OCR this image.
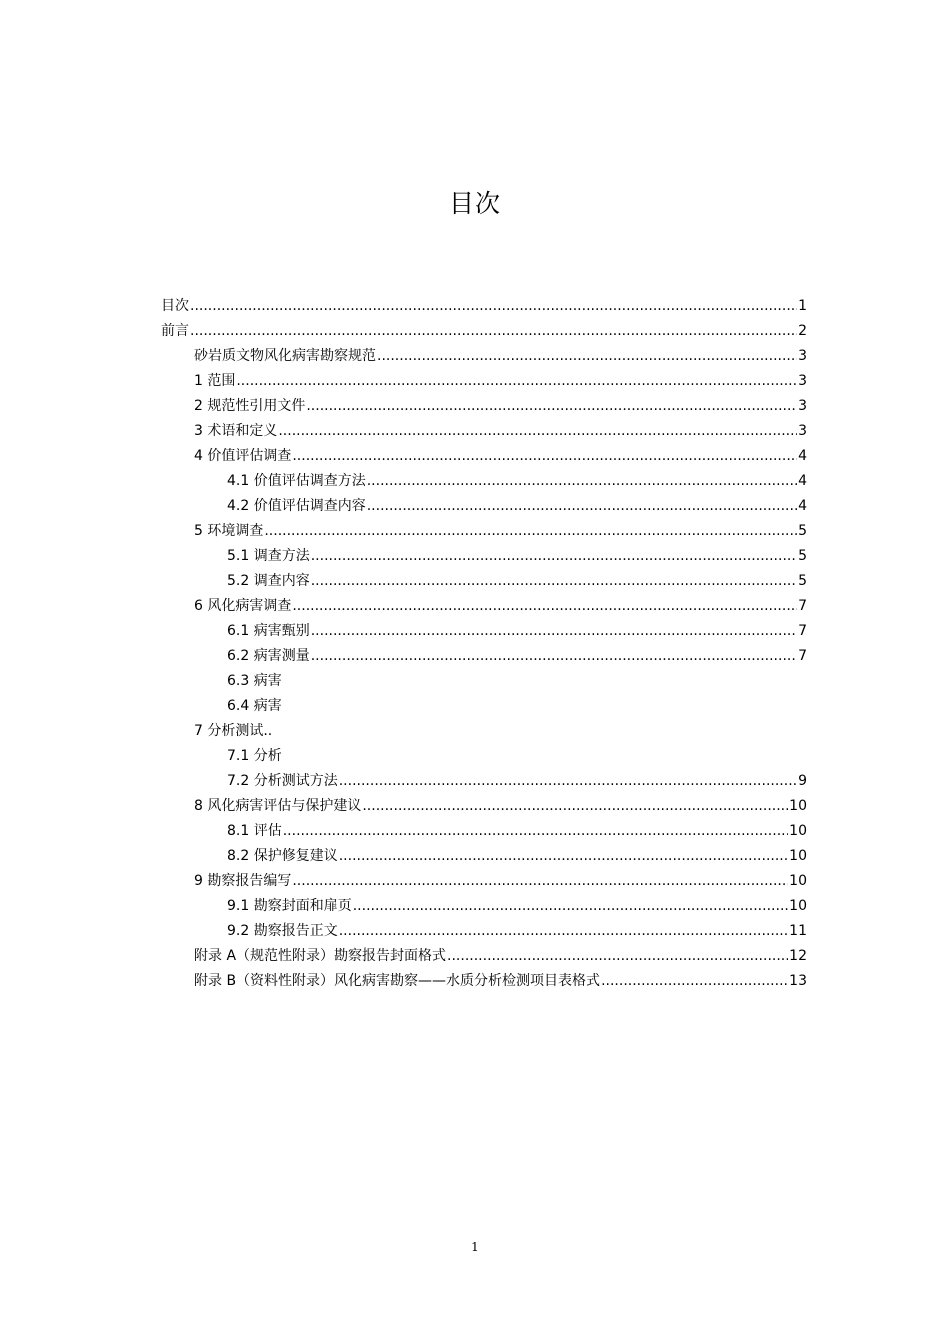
目次
目次 .....	1
前言 .....	2
砂岩质文物风化病害勘察规范 .....	3
1 范围 .....	3
2 规范性引用文件 .....	3
3 术语和定义 .....	3
4 价值评估调查 .....	4
4.1 价值评估调查方法 .....	4
4.2 价值评估调查内容 .....	4
5 环境调查 .....	5
5.1 调查方法 .....	5
5.2 调查内容 .....	5
6 风化病害调查 .....	7
6.1 病害甄别 .....	7
6.2 病害测量 .....	7
6.3 病害
6.4 病害
7 分析测试..
7.1 分析
7.2 分析测试方法 .....	9
8 风化病害评估与保护建议 .....	10
8.1 评估 .....	10
8.2 保护修复建议 .....	10
9 勘察报告编写 .....	10
9.1 勘察封面和扉页 .....	10
9.2 勘察报告正文 .....	11
附录 A（规范性附录）勘察报告封面格式 .....	12
附录 B（资料性附录）风化病害勘察——水质分析检测项目表格式 .....	13
1
